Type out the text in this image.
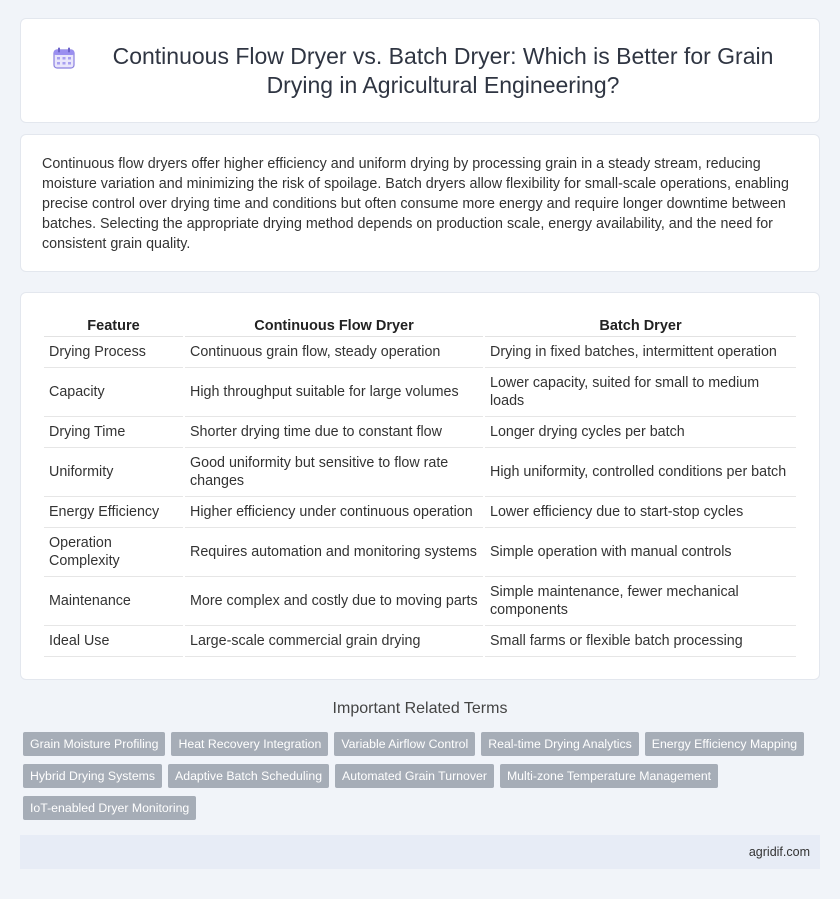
Continuous Flow Dryer vs. Batch Dryer: Which is Better for Grain Drying in Agricultural Engineering?

Continuous flow dryers offer higher efficiency and uniform drying by processing grain in a steady stream, reducing moisture variation and minimizing the risk of spoilage. Batch dryers allow flexibility for small-scale operations, enabling precise control over drying time and conditions but often consume more energy and require longer downtime between batches. Selecting the appropriate drying method depends on production scale, energy availability, and the need for consistent grain quality.

Feature	Continuous Flow Dryer	Batch Dryer
Drying Process	Continuous grain flow, steady operation	Drying in fixed batches, intermittent operation
Capacity	High throughput suitable for large volumes	Lower capacity, suited for small to medium loads
Drying Time	Shorter drying time due to constant flow	Longer drying cycles per batch
Uniformity	Good uniformity but sensitive to flow rate changes	High uniformity, controlled conditions per batch
Energy Efficiency	Higher efficiency under continuous operation	Lower efficiency due to start-stop cycles
Operation Complexity	Requires automation and monitoring systems	Simple operation with manual controls
Maintenance	More complex and costly due to moving parts	Simple maintenance, fewer mechanical components
Ideal Use	Large-scale commercial grain drying	Small farms or flexible batch processing
Important Related Terms
Grain Moisture Profiling	Heat Recovery Integration	Variable Airflow Control	Real-time Drying Analytics	Energy Efficiency Mapping
Hybrid Drying Systems	Adaptive Batch Scheduling	Automated Grain Turnover	Multi-zone Temperature Management
IoT-enabled Dryer Monitoring
agridif.com
